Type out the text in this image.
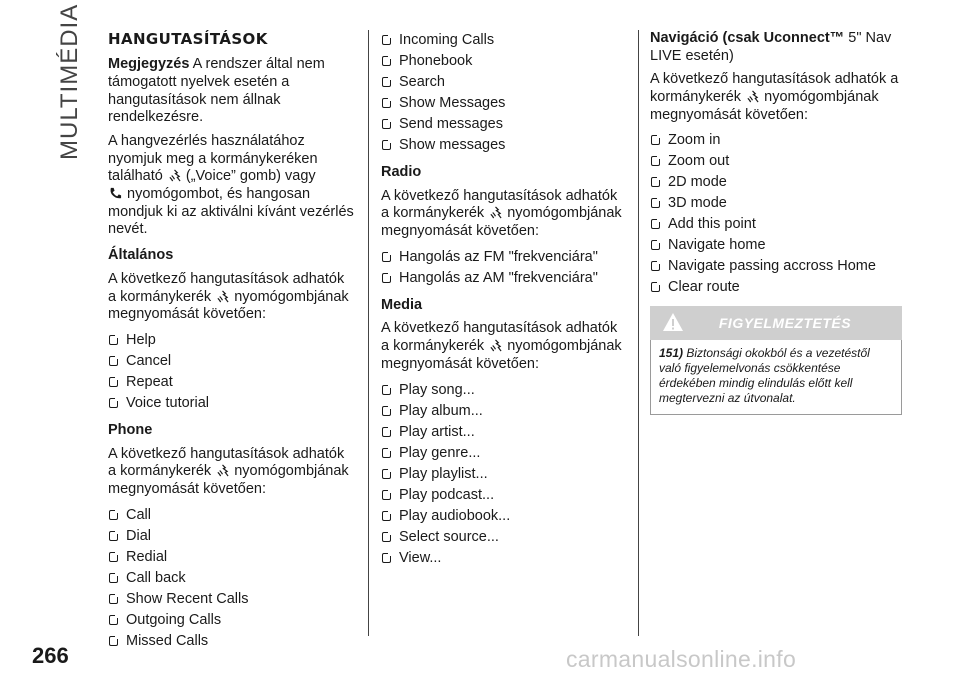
MULTIMÉDIA HANGUTASÍTÁSOK

Megjegyzés A rendszer által nem támogatott nyelvek esetén a hangutasítások nem állnak rendelkezésre.

A hangvezérlés használatához nyomjuk meg a kormánykeréken található („Voice” gomb) vagy
nyomógombot, és hangosan mondjuk ki az aktiválni kívánt vezérlés nevét.

Általános

A következő hangutasítások adhatók a kormánykerék nyomógombjának megnyomását követően:

Help
Cancel
Repeat
Voice tutorial
Phone

A következő hangutasítások adhatók a kormánykerék nyomógombjának megnyomását követően:

Call
Dial
Redial
Call back
Show Recent Calls
Outgoing Calls
Missed Calls
Incoming Calls
Phonebook
Search
Show Messages
Send messages
Show messages
Radio

A következő hangutasítások adhatók a kormánykerék nyomógombjának megnyomását követően:

Hangolás az FM "frekvenciára"
Hangolás az AM "frekvenciára"
Media

A következő hangutasítások adhatók a kormánykerék nyomógombjának megnyomását követően:

Play song...
Play album...
Play artist...
Play genre...
Play playlist...
Play podcast...
Play audiobook...
Select source...
View...

Navigáció (csak Uconnect™ 5" Nav LIVE esetén)

A következő hangutasítások adhatók a kormánykerék nyomógombjának megnyomását követően:

Zoom in
Zoom out
2D mode
3D mode
Add this point
Navigate home
Navigate passing accross Home
Clear route
FIGYELMEZTETÉS
151) Biztonsági okokból és a vezetéstől való figyelemelvonás csökkentése érdekében mindig elindulás előtt kell megtervezni az útvonalat.
266	carmanualsonline.info
